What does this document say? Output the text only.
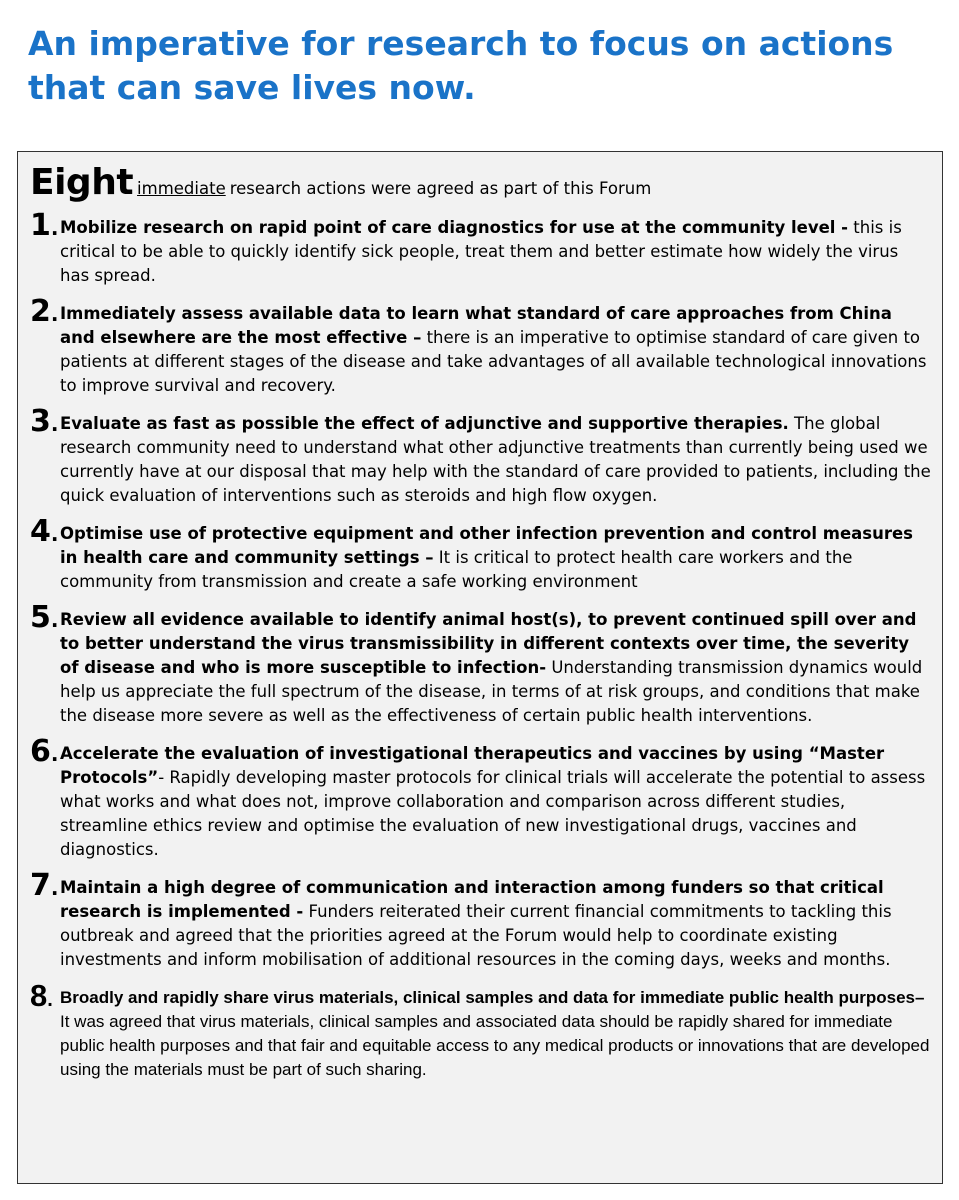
An imperative for research to focus on actions that can save lives now.
Eight immediate research actions were agreed as part of this Forum
1. Mobilize research on rapid point of care diagnostics for use at the community level - this is critical to be able to quickly identify sick people, treat them and better estimate how widely the virus has spread.
2. Immediately assess available data to learn what standard of care approaches from China and elsewhere are the most effective – there is an imperative to optimise standard of care given to patients at different stages of the disease and take advantages of all available technological innovations to improve survival and recovery.
3. Evaluate as fast as possible the effect of adjunctive and supportive therapies. The global research community need to understand what other adjunctive treatments than currently being used we currently have at our disposal that may help with the standard of care provided to patients, including the quick evaluation of interventions such as steroids and high flow oxygen.
4. Optimise use of protective equipment and other infection prevention and control measures in health care and community settings – It is critical to protect health care workers and the community from transmission and create a safe working environment
5. Review all evidence available to identify animal host(s), to prevent continued spill over and to better understand the virus transmissibility in different contexts over time, the severity of disease and who is more susceptible to infection- Understanding transmission dynamics would help us appreciate the full spectrum of the disease, in terms of at risk groups, and conditions that make the disease more severe as well as the effectiveness of certain public health interventions.
6. Accelerate the evaluation of investigational therapeutics and vaccines by using “Master Protocols”- Rapidly developing master protocols for clinical trials will accelerate the potential to assess what works and what does not, improve collaboration and comparison across different studies, streamline ethics review and optimise the evaluation of new investigational drugs, vaccines and diagnostics.
7. Maintain a high degree of communication and interaction among funders so that critical research is implemented - Funders reiterated their current financial commitments to tackling this outbreak and agreed that the priorities agreed at the Forum would help to coordinate existing investments and inform mobilisation of additional resources in the coming days, weeks and months.
8. Broadly and rapidly share virus materials, clinical samples and data for immediate public health purposes–It was agreed that virus materials, clinical samples and associated data should be rapidly shared for immediate public health purposes and that fair and equitable access to any medical products or innovations that are developed using the materials must be part of such sharing.
